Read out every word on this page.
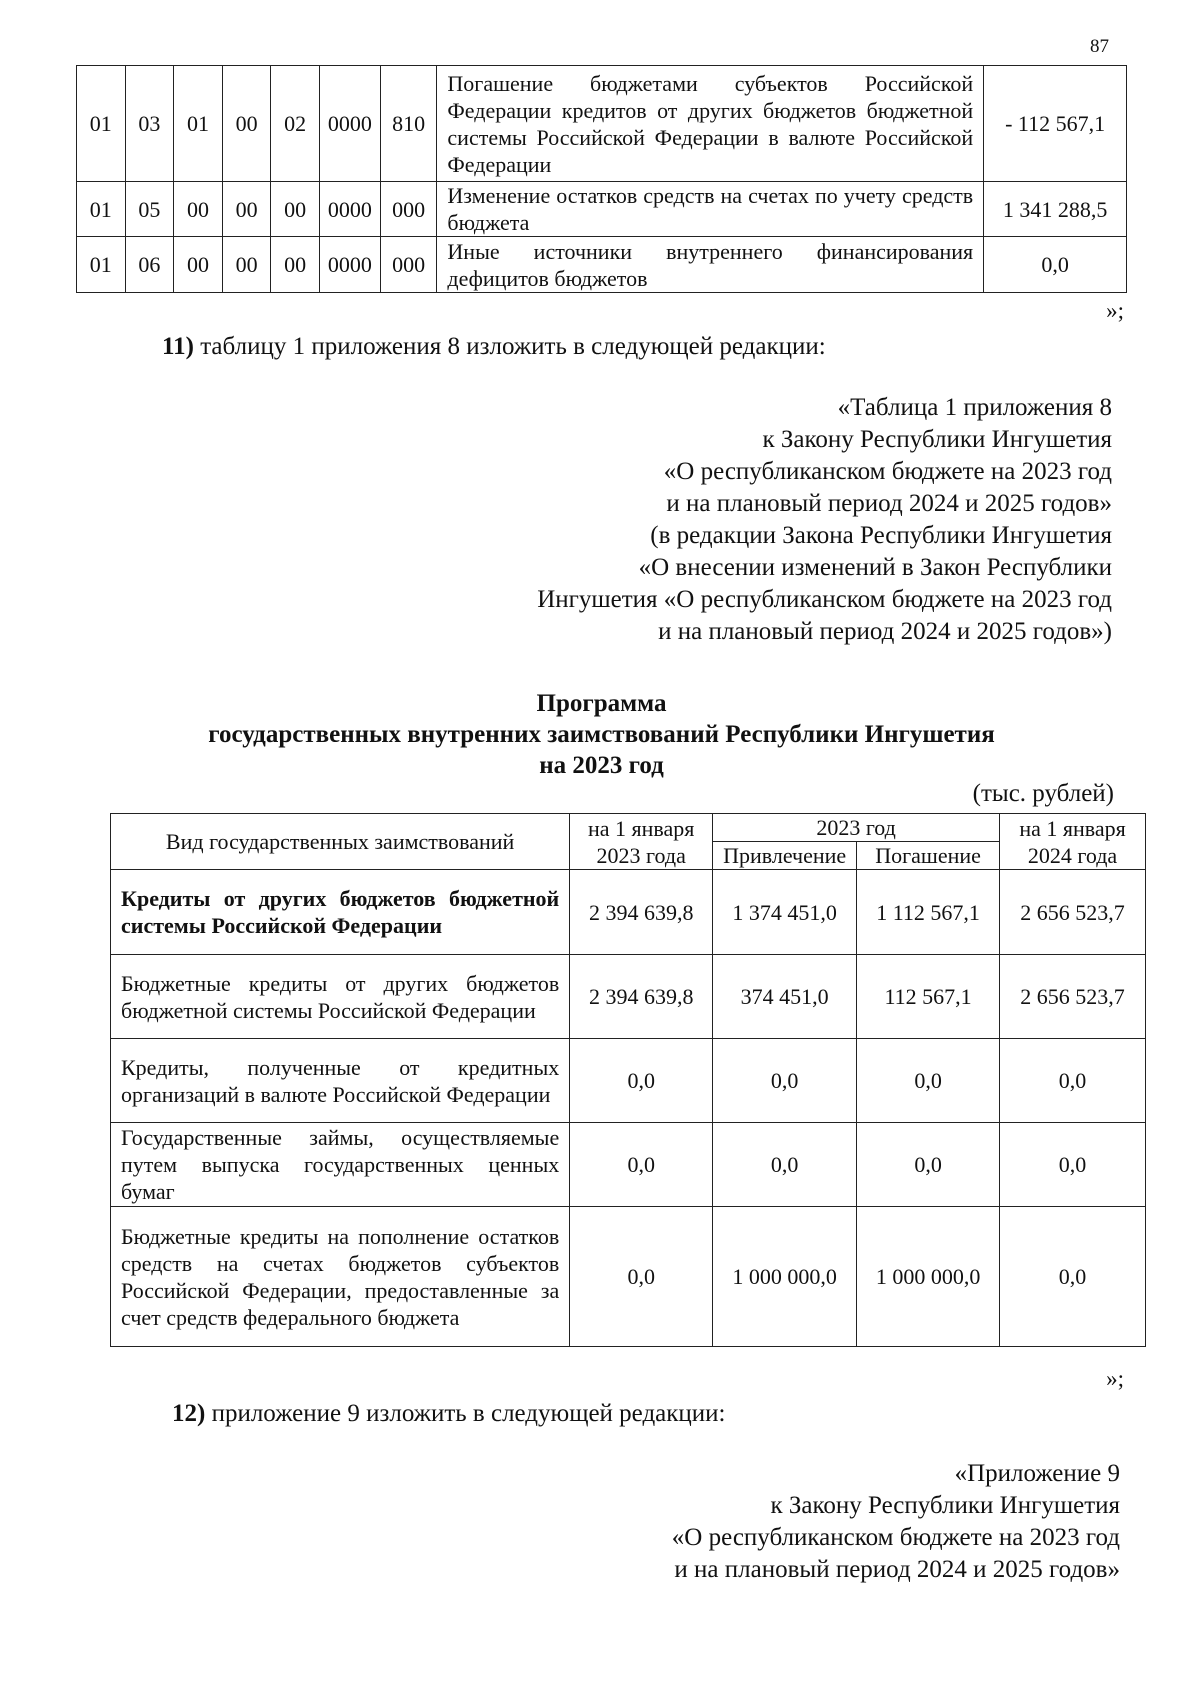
87
01	03	01	00	02	0000	810	Погашение бюджетами субъектов Российской Федерации кредитов от других бюджетов бюджетной системы Российской Федерации в валюте Российской Федерации	- 112 567,1
01	05	00	00	00	0000	000	Изменение остатков средств на счетах по учету средств бюджета	1 341 288,5
01	06	00	00	00	0000	000	Иные источники внутреннего финансирования дефицитов бюджетов	0,0
»;
11) таблицу 1 приложения 8 изложить в следующей редакции:
«Таблица 1 приложения 8
к Закону Республики Ингушетия
«О республиканском бюджете на 2023 год
и на плановый период 2024 и 2025 годов»
(в редакции Закона Республики Ингушетия
«О внесении изменений в Закон Республики
Ингушетия «О республиканском бюджете на 2023 год
и на плановый период 2024 и 2025 годов»)
Программа
государственных внутренних заимствований Республики Ингушетия
на 2023 год
(тыс. рублей)
Вид государственных заимствований	на 1 января 2023 года	2023 год		на 1 января 2024 года
		Привлечение	Погашение	
Кредиты от других бюджетов бюджетной системы Российской Федерации	2 394 639,8	1 374 451,0	1 112 567,1	2 656 523,7
Бюджетные кредиты от других бюджетов бюджетной системы Российской Федерации	2 394 639,8	374 451,0	112 567,1	2 656 523,7
Кредиты, полученные от кредитных организаций в валюте Российской Федерации	0,0	0,0	0,0	0,0
Государственные займы, осуществляемые путем выпуска государственных ценных бумаг	0,0	0,0	0,0	0,0
Бюджетные кредиты на пополнение остатков средств на счетах бюджетов субъектов Российской Федерации, предоставленные за счет средств федерального бюджета	0,0	1 000 000,0	1 000 000,0	0,0
»;
12) приложение 9 изложить в следующей редакции:
«Приложение 9
к Закону Республики Ингушетия
«О республиканском бюджете на 2023 год
и на плановый период 2024 и 2025 годов»
